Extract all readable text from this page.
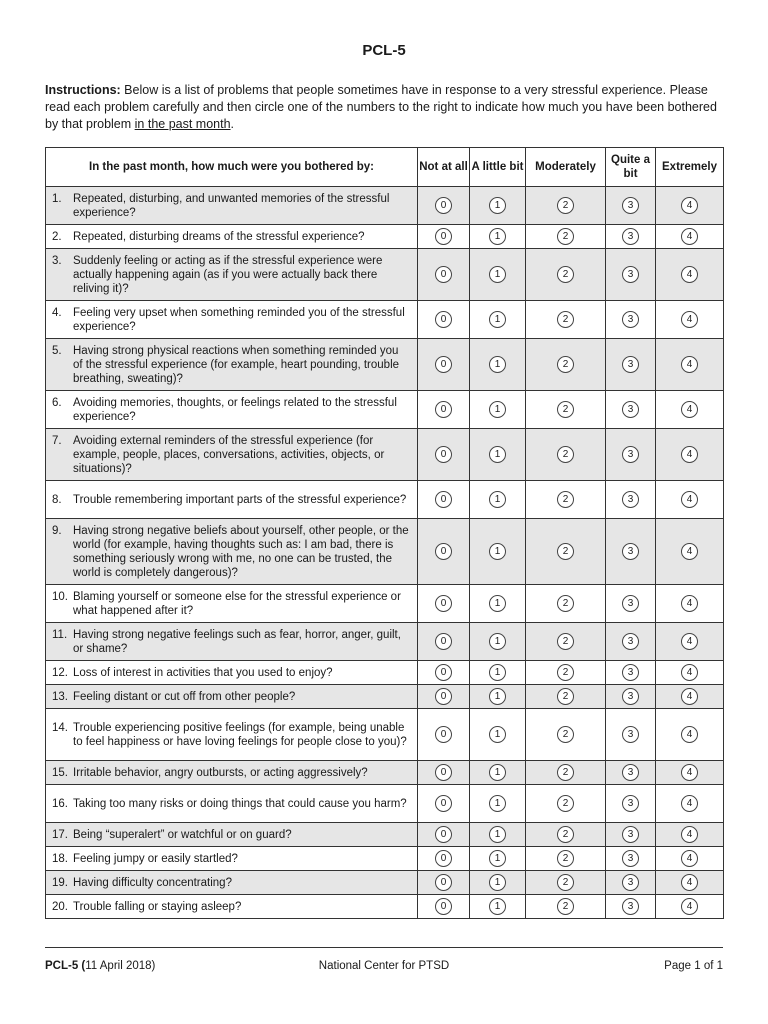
PCL-5
Instructions: Below is a list of problems that people sometimes have in response to a very stressful experience. Please read each problem carefully and then circle one of the numbers to the right to indicate how much you have been bothered by that problem in the past month.
In the past month, how much were you bothered by:	Not at all	A little bit	Moderately	Quite a bit	Extremely

1. Repeated, disturbing, and unwanted memories of the stressful experience?	0	1	2	3	4

2. Repeated, disturbing dreams of the stressful experience?	0	1	2	3	4

3. Suddenly feeling or acting as if the stressful experience were actually happening again (as if you were actually back there reliving it)?	0	1	2	3	4

4. Feeling very upset when something reminded you of the stressful experience?	0	1	2	3	4

5. Having strong physical reactions when something reminded you of the stressful experience (for example, heart pounding, trouble breathing, sweating)?	0	1	2	3	4

6. Avoiding memories, thoughts, or feelings related to the stressful experience?	0	1	2	3	4

7. Avoiding external reminders of the stressful experience (for example, people, places, conversations, activities, objects, or situations)?	0	1	2	3	4

8. Trouble remembering important parts of the stressful experience?	0	1	2	3	4

9. Having strong negative beliefs about yourself, other people, or the world (for example, having thoughts such as: I am bad, there is something seriously wrong with me, no one can be trusted, the world is completely dangerous)?	0	1	2	3	4

10. Blaming yourself or someone else for the stressful experience or what happened after it?	0	1	2	3	4

11. Having strong negative feelings such as fear, horror, anger, guilt, or shame?	0	1	2	3	4

12. Loss of interest in activities that you used to enjoy?	0	1	2	3	4

13. Feeling distant or cut off from other people?	0	1	2	3	4

14. Trouble experiencing positive feelings (for example, being unable to feel happiness or have loving feelings for people close to you)?	0	1	2	3	4

15. Irritable behavior, angry outbursts, or acting aggressively?	0	1	2	3	4

16. Taking too many risks or doing things that could cause you harm?	0	1	2	3	4

17. Being “superalert” or watchful or on guard?	0	1	2	3	4

18. Feeling jumpy or easily startled?	0	1	2	3	4

19. Having difficulty concentrating?	0	1	2	3	4

20. Trouble falling or staying asleep?	0	1	2	3	4
PCL-5 (11 April 2018)	National Center for PTSD	Page 1 of 1
